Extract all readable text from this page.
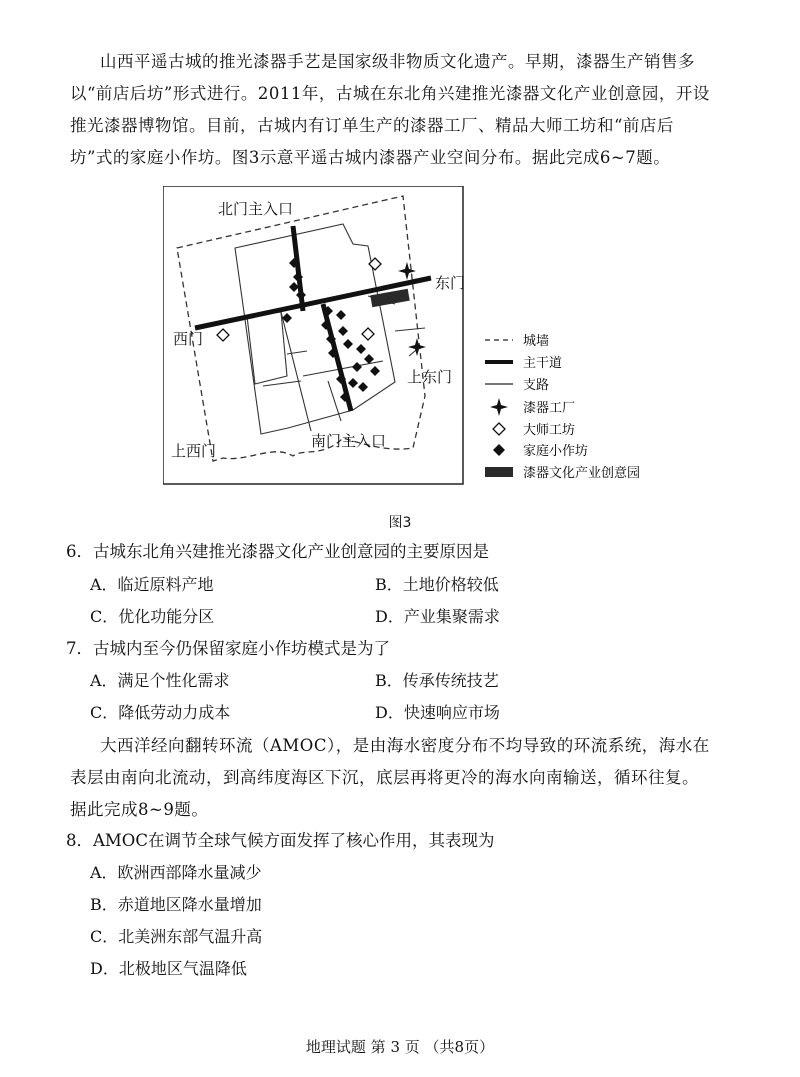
山西平遥古城的推光漆器手艺是国家级非物质文化遗产。早期，漆器生产销售多以“前店后坊”形式进行。2011年，古城在东北角兴建推光漆器文化产业创意园，开设推光漆器博物馆。目前，古城内有订单生产的漆器工厂、精品大师工坊和“前店后坊”式的家庭小作坊。图3示意平遥古城内漆器产业空间分布。据此完成6~7题。
北门主入口
东门
西门
上东门
上西门
南门主入口
城墙
主干道
支路
漆器工厂
大师工坊
家庭小作坊
漆器文化产业创意园
图3
6．古城东北角兴建推光漆器文化产业创意园的主要原因是
A．临近原料产地	B．土地价格较低
C．优化功能分区	D．产业集聚需求
7．古城内至今仍保留家庭小作坊模式是为了
A．满足个性化需求	B．传承传统技艺
C．降低劳动力成本	D．快速响应市场
大西洋经向翻转环流（AMOC），是由海水密度分布不均导致的环流系统，海水在表层由南向北流动，到高纬度海区下沉，底层再将更冷的海水向南输送，循环往复。据此完成8~9题。
8．AMOC在调节全球气候方面发挥了核心作用，其表现为
A．欧洲西部降水量减少
B．赤道地区降水量增加
C．北美洲东部气温升高
D．北极地区气温降低
地理试题 第 3 页 （共8页）
